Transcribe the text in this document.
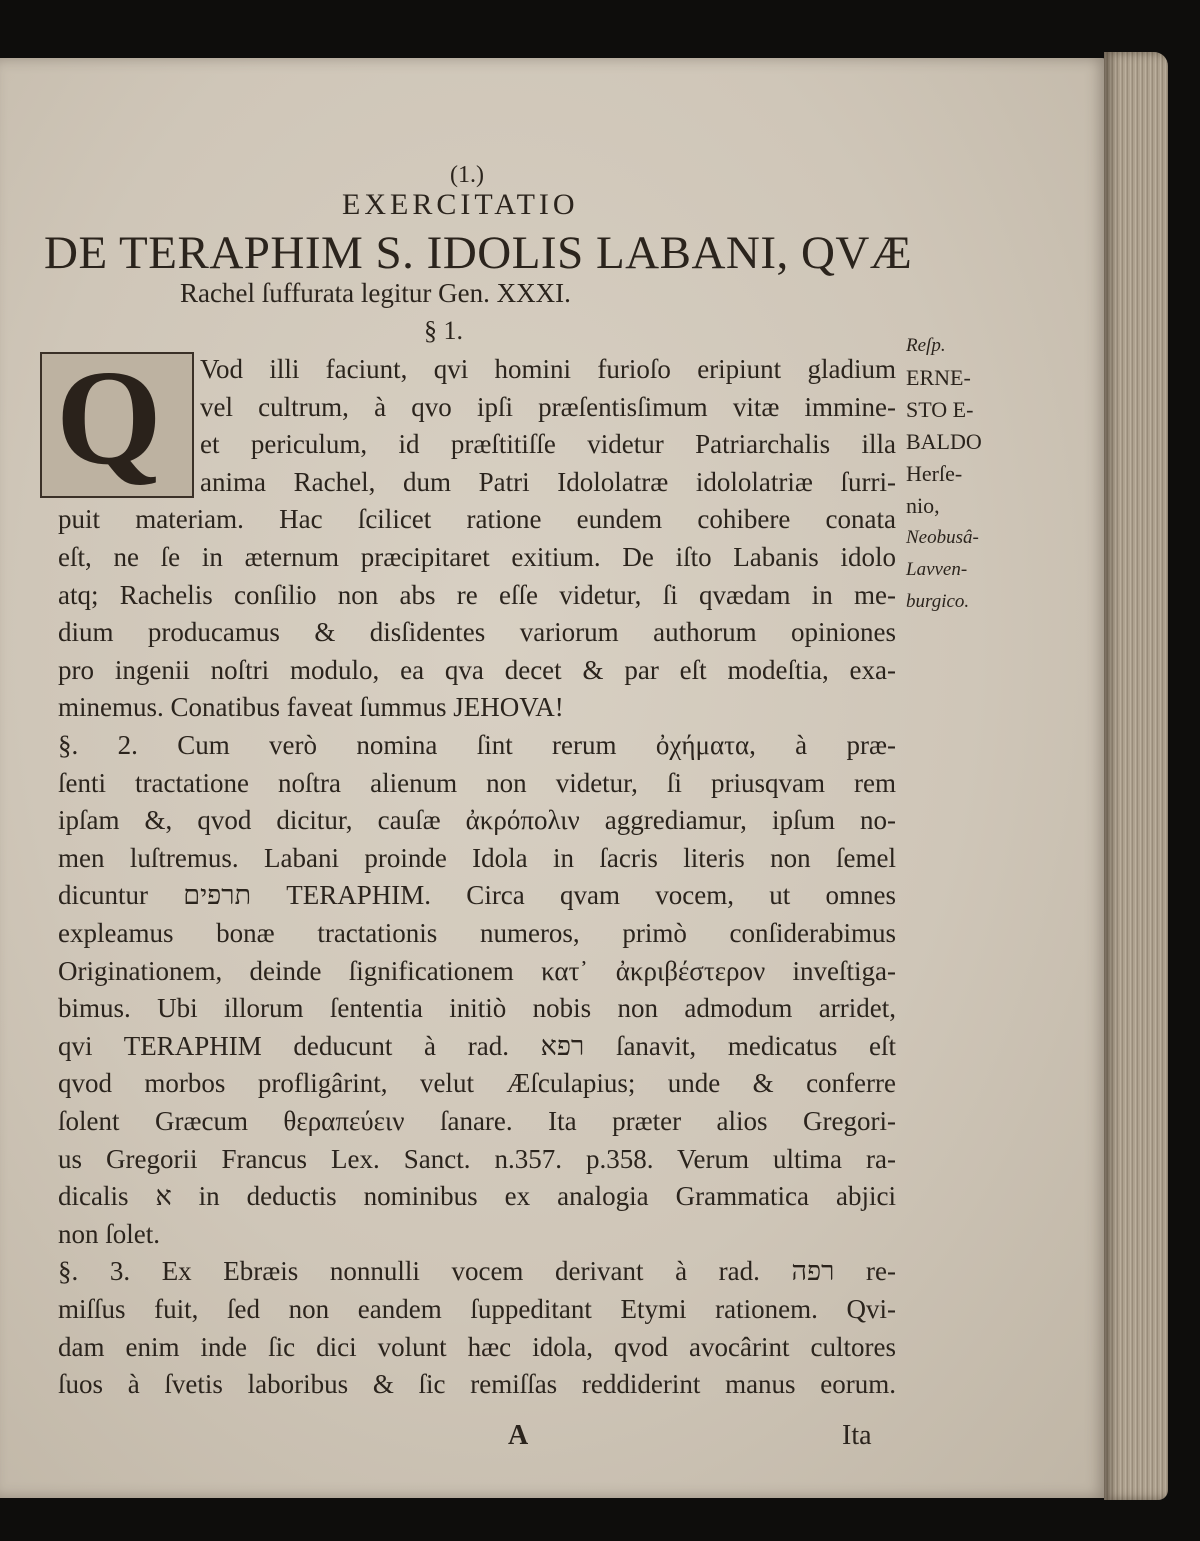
(1.)
EXERCITATIO
DE TERAPHIM S. IDOLIS LABANI, QVÆ
Rachel ſuffurata legitur Gen. XXXI.
§ 1.
Q Vod illi faciunt, qvi homini furioſo eripiunt gladium
vel cultrum, à qvo ipſi præſentisſimum vitæ immine-
et periculum, id præſtitiſſe videtur Patriarchalis illa
anima Rachel, dum Patri Idololatræ idololatriæ ſurri-
puit materiam. Hac ſcilicet ratione eundem cohibere conata
eſt, ne ſe in æternum præcipitaret exitium. De iſto Labanis idolo
atq; Rachelis conſilio non abs re eſſe videtur, ſi qvædam in me-
dium producamus & disſidentes variorum authorum opiniones
pro ingenii noſtri modulo, ea qva decet & par eſt modeſtia, exa-
minemus. Conatibus faveat ſummus JEHOVA!
§. 2. Cum verò nomina ſint rerum ὀχήματα, à præ-
ſenti tractatione noſtra alienum non videtur, ſi priusqvam rem
ipſam &, qvod dicitur, cauſæ ἀκρόπολιν aggrediamur, ipſum no-
men luſtremus. Labani proinde Idola in ſacris literis non ſemel
dicuntur תרפים TERAPHIM. Circa qvam vocem, ut omnes
expleamus bonæ tractationis numeros, primò conſiderabimus
Originationem, deinde ſignificationem κατ᾽ ἀκριβέστερον inveſtiga-
bimus. Ubi illorum ſententia initiò nobis non admodum arridet,
qvi TERAPHIM deducunt à rad. רפא ſanavit, medicatus eſt
qvod morbos profligârint, velut Æſculapius; unde & conferre
ſolent Græcum θεραπεύειν ſanare. Ita præter alios Gregori-
us Gregorii Francus Lex. Sanct. n.357. p.358. Verum ultima ra-
dicalis א in deductis nominibus ex analogia Grammatica abjici
non ſolet.
§. 3. Ex Ebræis nonnulli vocem derivant à rad. רפה re-
miſſus fuit, ſed non eandem ſuppeditant Etymi rationem. Qvi-
dam enim inde ſic dici volunt hæc idola, qvod avocârint cultores
ſuos à ſvetis laboribus & ſic remiſſas reddiderint manus eorum.
Reſp.
ERNE-
STO E-
BALDO
Herſe-
nio,
Neobusâ-
Lavven-
burgico.
A	Ita
